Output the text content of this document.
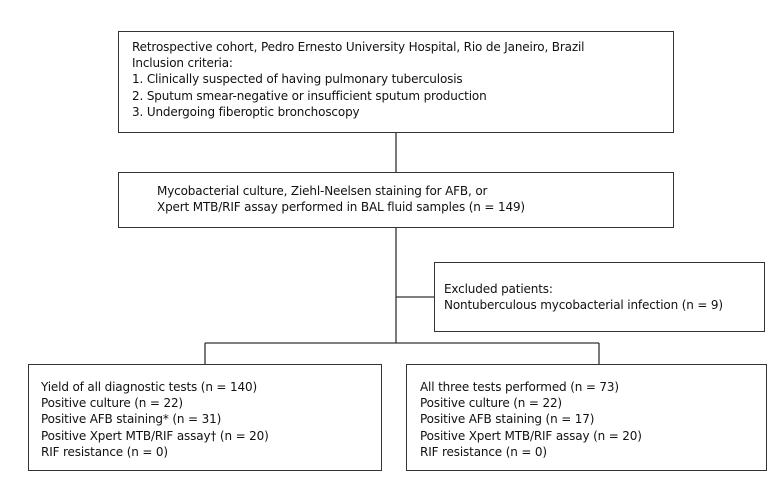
Retrospective cohort, Pedro Ernesto University Hospital, Rio de Janeiro, Brazil
Inclusion criteria:
1. Clinically suspected of having pulmonary tuberculosis
2. Sputum smear-negative or insufficient sputum production
3. Undergoing fiberoptic bronchoscopy
Mycobacterial culture, Ziehl-Neelsen staining for AFB, or
Xpert MTB/RIF assay performed in BAL fluid samples (n = 149)
Excluded patients:
Nontuberculous mycobacterial infection (n = 9)
Yield of all diagnostic tests (n = 140)
Positive culture (n = 22)
Positive AFB staining* (n = 31)
Positive Xpert MTB/RIF assay† (n = 20)
RIF resistance (n = 0)
All three tests performed (n = 73)
Positive culture (n = 22)
Positive AFB staining (n = 17)
Positive Xpert MTB/RIF assay (n = 20)
RIF resistance (n = 0)
